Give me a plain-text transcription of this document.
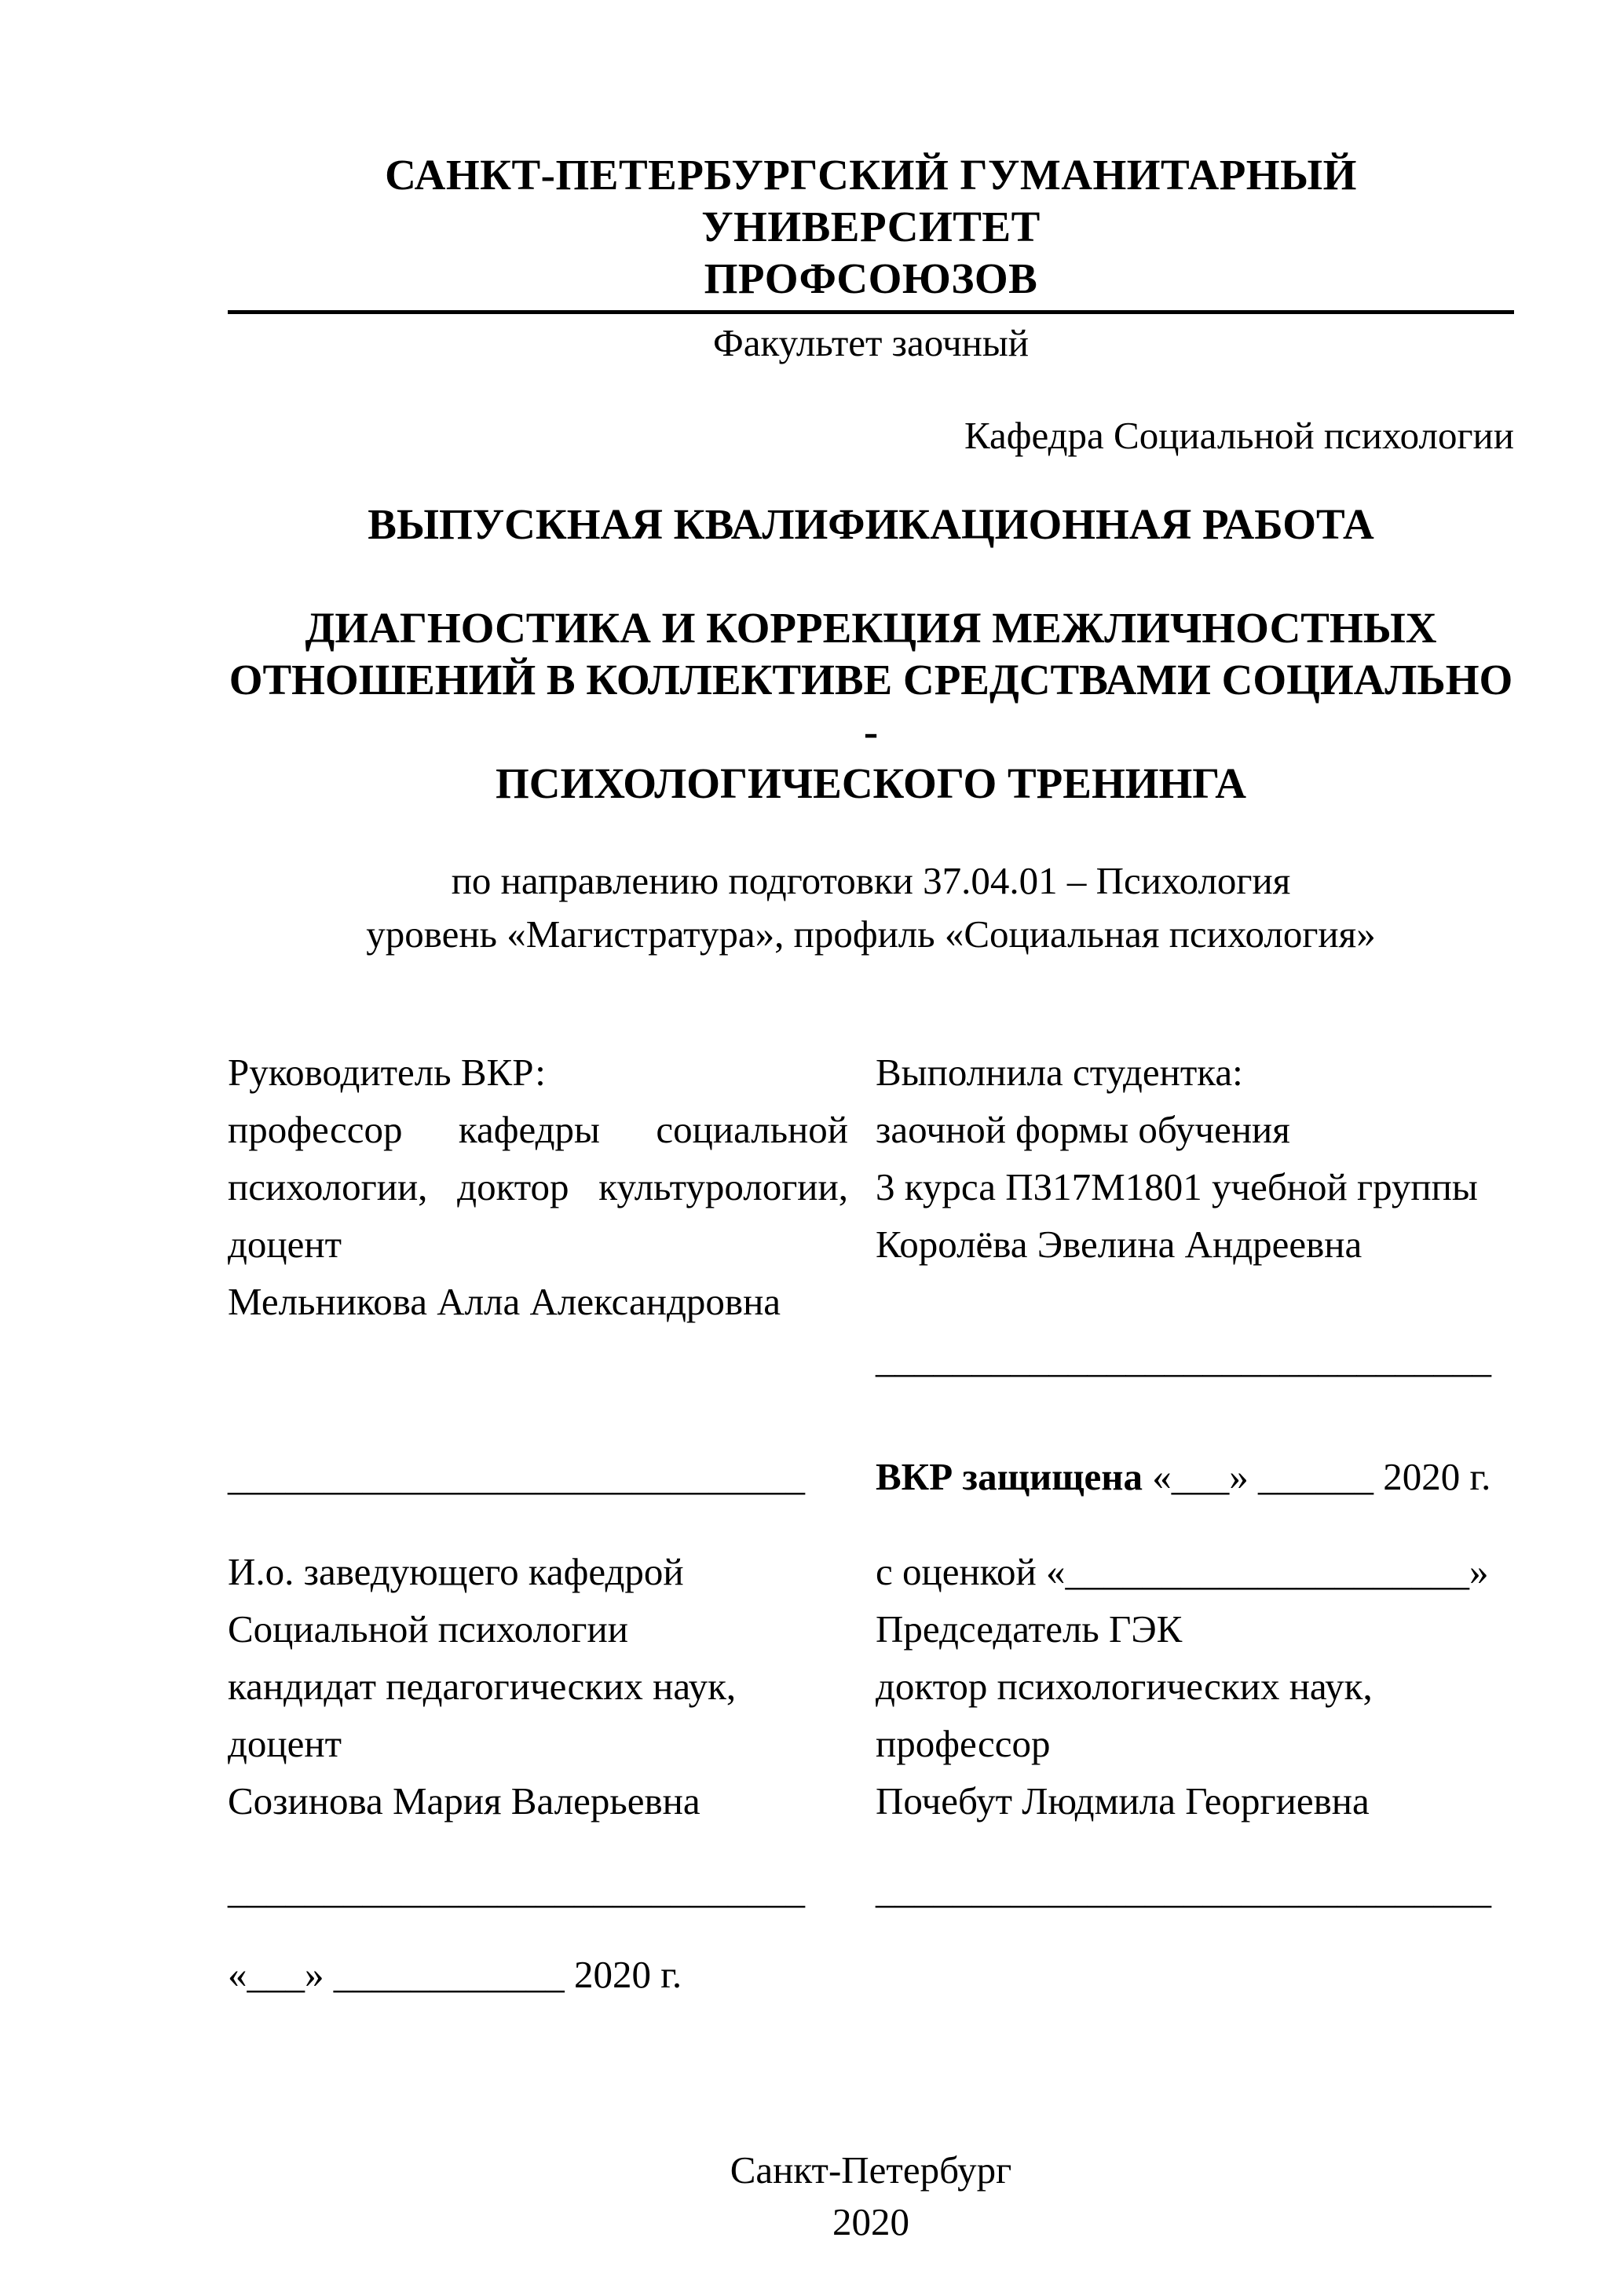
САНКТ-ПЕТЕРБУРГСКИЙ ГУМАНИТАРНЫЙ УНИВЕРСИТЕТ
ПРОФСОЮЗОВ
Факультет заочный
Кафедра Социальной психологии
ВЫПУСКНАЯ КВАЛИФИКАЦИОННАЯ РАБОТА
ДИАГНОСТИКА И КОРРЕКЦИЯ МЕЖЛИЧНОСТНЫХ
ОТНОШЕНИЙ В КОЛЛЕКТИВЕ СРЕДСТВАМИ СОЦИАЛЬНО -
ПСИХОЛОГИЧЕСКОГО ТРЕНИНГА
по направлению подготовки 37.04.01 – Психология
уровень «Магистратура», профиль «Социальная психология»
Руководитель ВКР:
профессор кафедры социальной
психологии, доктор культурологии,
доцент
Мельникова Алла Александровна
Выполнила студентка:
заочной формы обучения
3 курса ПЗ17М1801 учебной группы
Королёва Эвелина Андреевна
________________________________
______________________________	ВКР защищена «___» ______ 2020 г.
И.о. заведующего кафедрой
Социальной психологии
кандидат педагогических наук,
доцент
Созинова Мария Валерьевна
с оценкой «_____________________»
Председатель ГЭК
доктор психологических наук,
профессор
Почебут Людмила Георгиевна
______________________________	________________________________
«___» ____________ 2020 г.
Санкт-Петербург
2020
